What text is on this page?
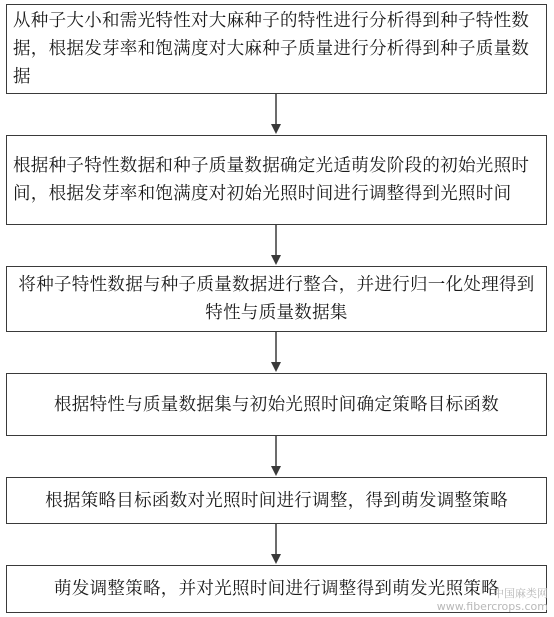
从种子大小和需光特性对大麻种子的特性进行分析得到种子特性数据，根据发芽率和饱满度对大麻种子质量进行分析得到种子质量数据
根据种子特性数据和种子质量数据确定光适萌发阶段的初始光照时间，根据发芽率和饱满度对初始光照时间进行调整得到光照时间
将种子特性数据与种子质量数据进行整合，并进行归一化处理得到特性与质量数据集
根据特性与质量数据集与初始光照时间确定策略目标函数
根据策略目标函数对光照时间进行调整，得到萌发调整策略
萌发调整策略，并对光照时间进行调整得到萌发光照策略
中国麻类网
www.fibercrops.com
